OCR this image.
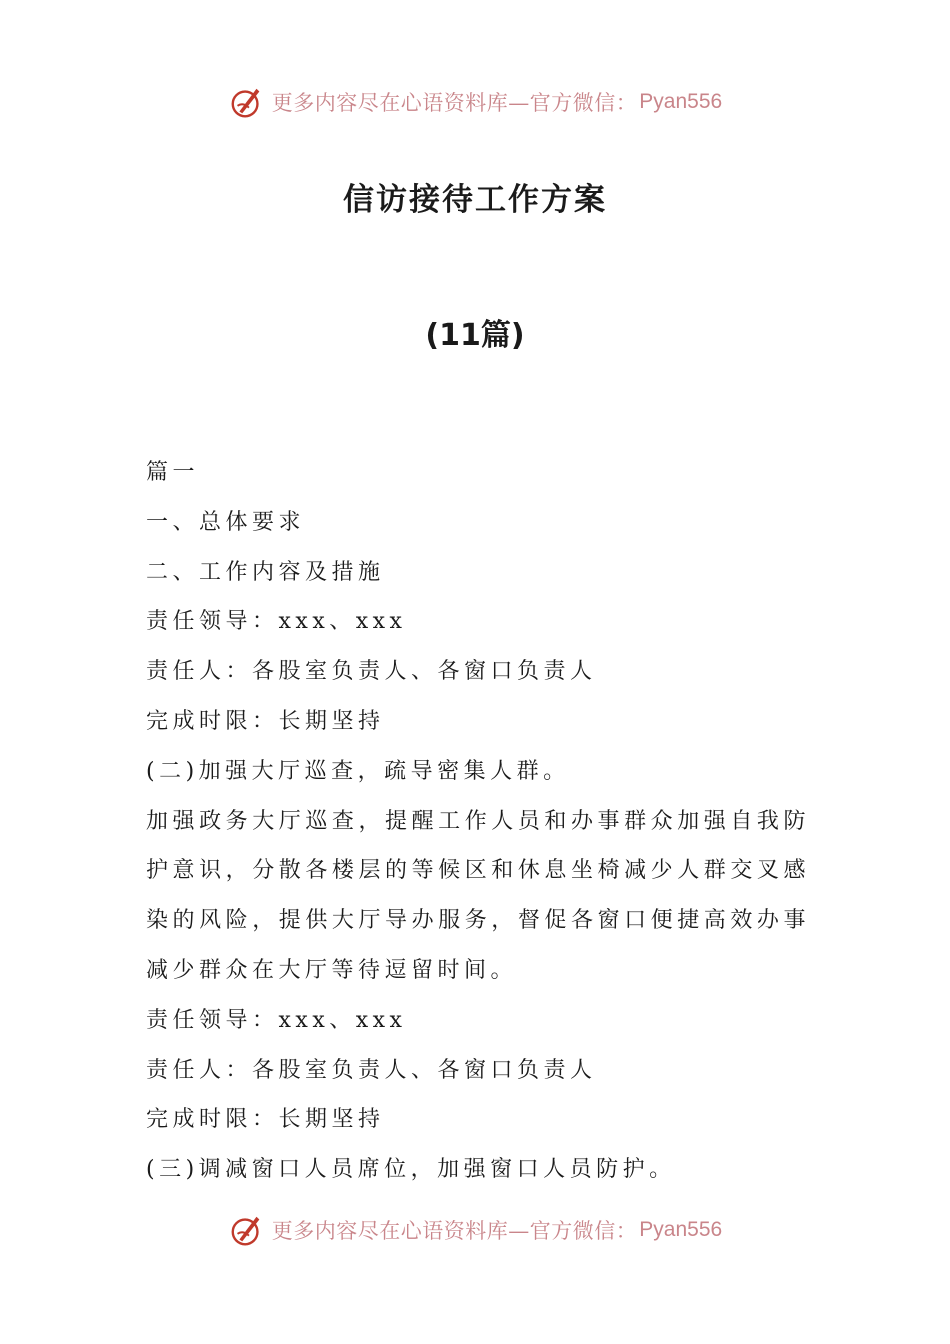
更多内容尽在心语资料库—官方微信： Pyan556
信访接待工作方案
(11篇)
篇一
一、总体要求
二、工作内容及措施
责任领导：xxx、xxx
责任人：各股室负责人、各窗口负责人
完成时限：长期坚持
(二)加强大厅巡查，疏导密集人群。
加强政务大厅巡查，提醒工作人员和办事群众加强自我防护意识，分散各楼层的等候区和休息坐椅减少人群交叉感染的风险，提供大厅导办服务，督促各窗口便捷高效办事减少群众在大厅等待逗留时间。
责任领导：xxx、xxx
责任人：各股室负责人、各窗口负责人
完成时限：长期坚持
(三)调减窗口人员席位，加强窗口人员防护。
更多内容尽在心语资料库—官方微信： Pyan556
